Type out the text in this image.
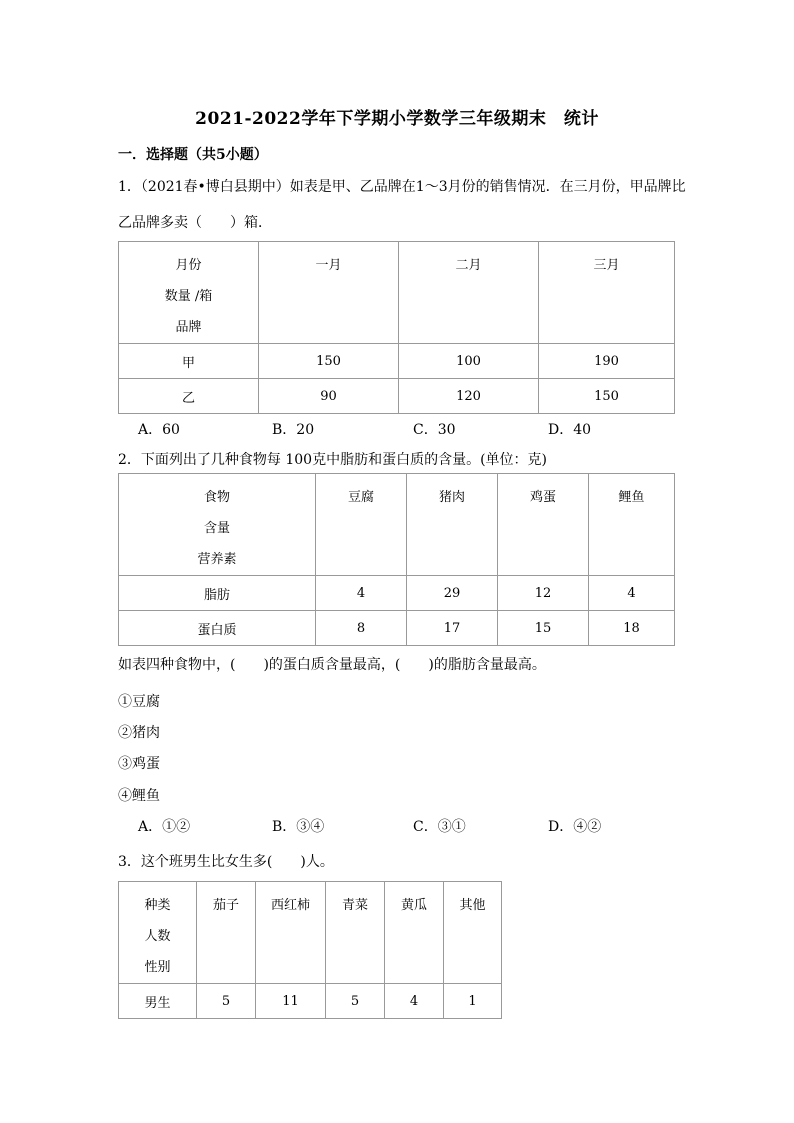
2021-2022学年下学期小学数学三年级期末　统计
一．选择题（共5小题）
1．（2021春•博白县期中）如表是甲、乙品牌在1～3月份的销售情况．在三月份，甲品牌比
乙品牌多卖（　　）箱．
月份
数量 /箱
品牌	一月	二月	三月

甲	150	100	190
乙	90	120	150
A．60	B．20	C．30	D．40
2．下面列出了几种食物每 100克中脂肪和蛋白质的含量。(单位：克)
食物
含量
营养素	豆腐	猪肉	鸡蛋	鲤鱼

脂肪	4	29	12	4
蛋白质	8	17	15	18
如表四种食物中，(　　)的蛋白质含量最高，(　　)的脂肪含量最高。
①豆腐
②猪肉
③鸡蛋
④鲤鱼
A．①②	B．③④	C．③①	D．④②
3．这个班男生比女生多(　　)人。
种类
人数
性别	茄子	西红柿	青菜	黄瓜	其他

男生	5	11	5	4	1
